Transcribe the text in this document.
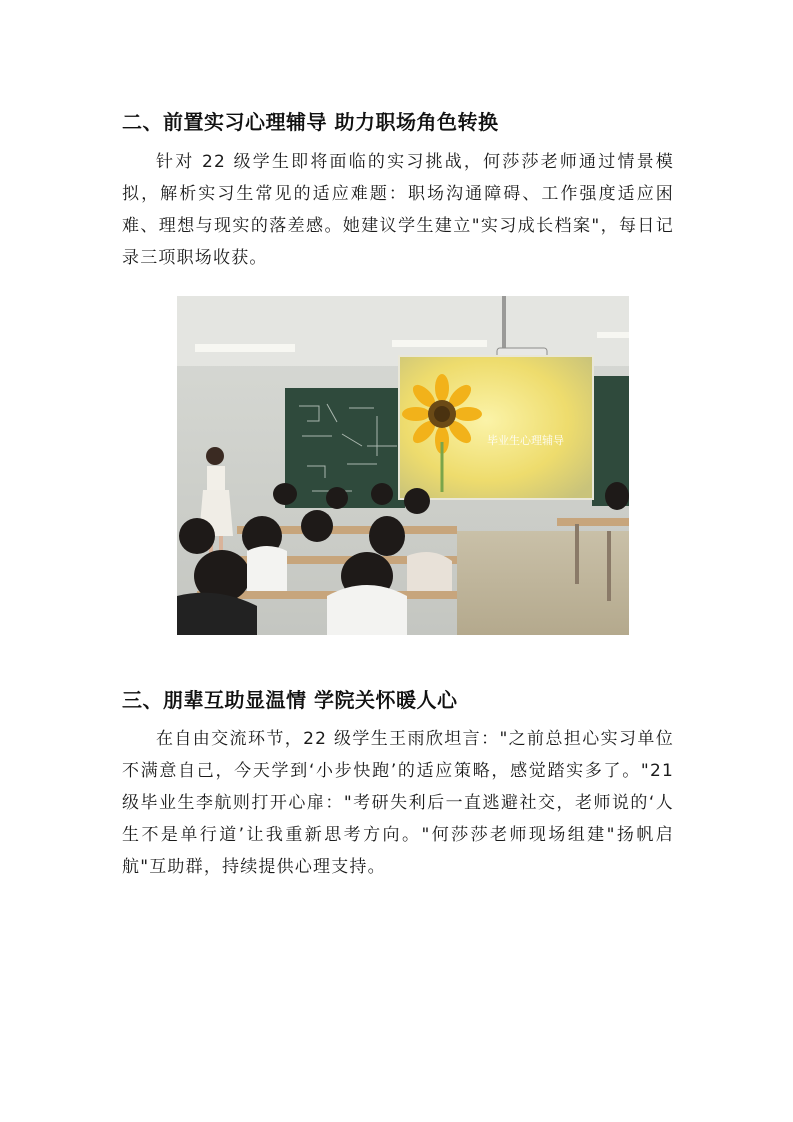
二、前置实习心理辅导 助力职场角色转换

针对 22 级学生即将面临的实习挑战，何莎莎老师通过情景模拟，解析实习生常见的适应难题：职场沟通障碍、工作强度适应困难、理想与现实的落差感。她建议学生建立"实习成长档案"，每日记录三项职场收获。

毕业生心理辅导
三、朋辈互助显温情 学院关怀暖人心

在自由交流环节，22 级学生王雨欣坦言："之前总担心实习单位不满意自己，今天学到‘小步快跑’的适应策略，感觉踏实多了。"21 级毕业生李航则打开心扉："考研失利后一直逃避社交，老师说的‘人生不是单行道’让我重新思考方向。"何莎莎老师现场组建"扬帆启航"互助群，持续提供心理支持。
